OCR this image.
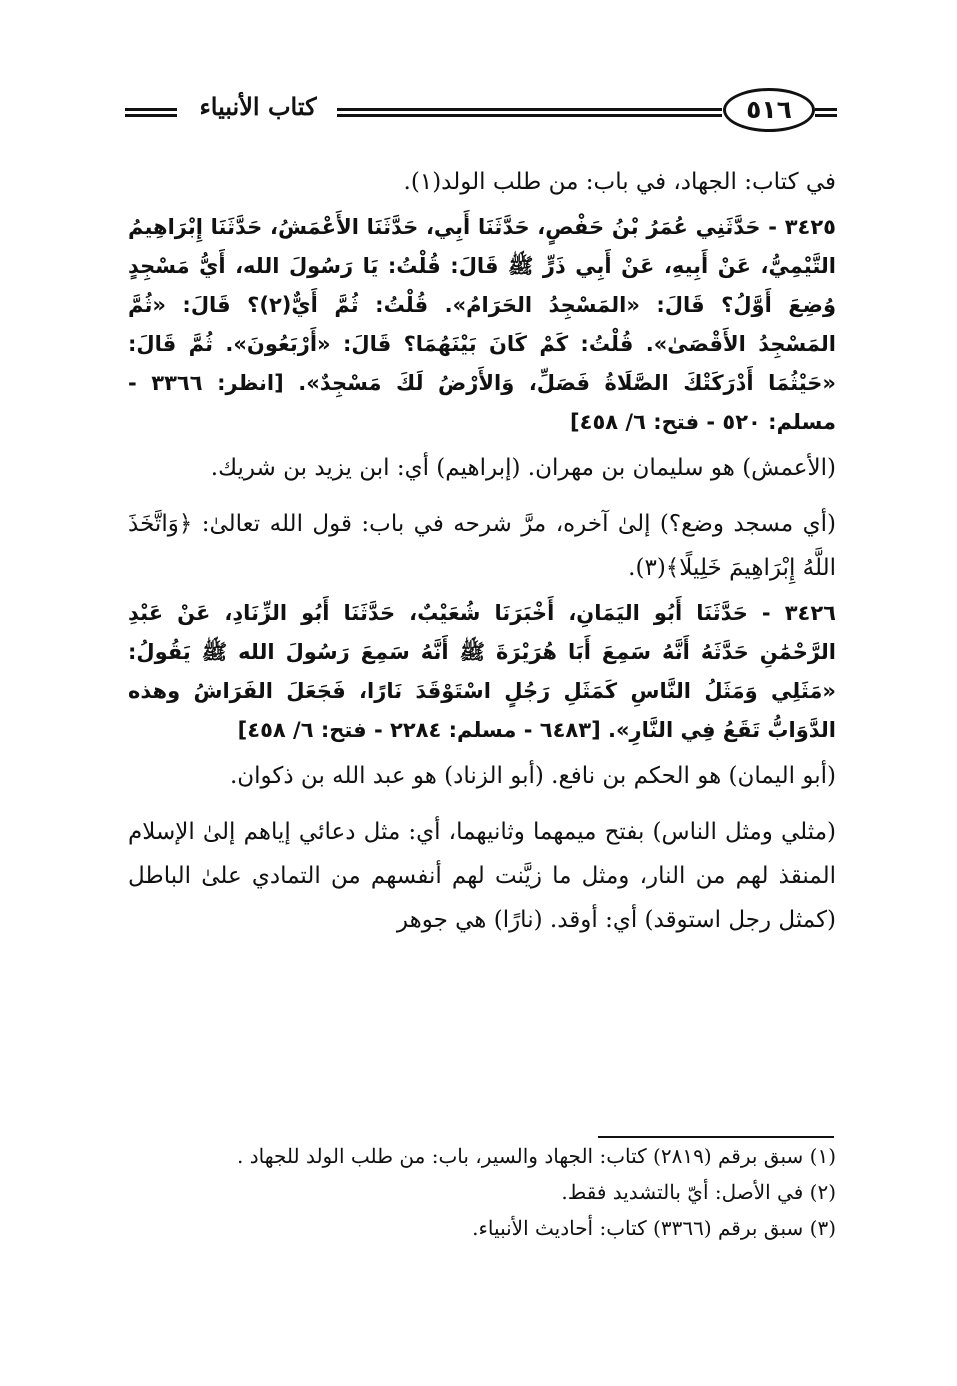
كتاب الأنبياء	٥١٦

في كتاب: الجهاد، في باب: من طلب الولد(١).

٣٤٢٥ - حَدَّثَنِي عُمَرُ بْنُ حَفْصٍ، حَدَّثَنَا أَبِي، حَدَّثَنَا الأَعْمَشُ، حَدَّثَنَا إِبْرَاهِيمُ التَّيْمِيُّ، عَنْ أَبِيهِ، عَنْ أَبِي ذَرٍّ ﷺ قَالَ: قُلْتُ: يَا رَسُولَ الله، أَيُّ مَسْجِدٍ وُضِعَ أَوَّلُ؟ قَالَ: «المَسْجِدُ الحَرَامُ». قُلْتُ: ثُمَّ أَيٌّ(٢)؟ قَالَ: «ثُمَّ المَسْجِدُ الأَقْصَىٰ». قُلْتُ: كَمْ كَانَ بَيْنَهُمَا؟ قَالَ: «أَرْبَعُونَ». ثُمَّ قَالَ: «حَيْثُمَا أَدْرَكَتْكَ الصَّلَاةُ فَصَلِّ، وَالأَرْضُ لَكَ مَسْجِدٌ». [انظر: ٣٣٦٦ - مسلم: ٥٢٠ - فتح: ٦/ ٤٥٨]

(الأعمش) هو سليمان بن مهران. (إبراهيم) أي: ابن يزيد بن شريك.

(أي مسجد وضع؟) إلىٰ آخره، مرَّ شرحه في باب: قول الله تعالىٰ: ﴿وَاتَّخَذَ اللَّهُ إِبْرَاهِيمَ خَلِيلًا﴾(٣).

٣٤٢٦ - حَدَّثَنَا أَبُو اليَمَانِ، أَخْبَرَنَا شُعَيْبٌ، حَدَّثَنَا أَبُو الزِّنَادِ، عَنْ عَبْدِ الرَّحْمَٰنِ حَدَّثَهُ أَنَّهُ سَمِعَ أَبَا هُرَيْرَةَ ﷺ أَنَّهُ سَمِعَ رَسُولَ الله ﷺ يَقُولُ: «مَثَلِي وَمَثَلُ النَّاسِ كَمَثَلِ رَجُلٍ اسْتَوْقَدَ نَارًا، فَجَعَلَ الفَرَاشُ وهذه الدَّوَابُّ تَقَعُ فِي النَّارِ». [٦٤٨٣ - مسلم: ٢٢٨٤ - فتح: ٦/ ٤٥٨]

(أبو اليمان) هو الحكم بن نافع. (أبو الزناد) هو عبد الله بن ذكوان.

(مثلي ومثل الناس) بفتح ميمهما وثانيهما، أي: مثل دعائي إياهم إلىٰ الإسلام المنقذ لهم من النار، ومثل ما زيَّنت لهم أنفسهم من التمادي علىٰ الباطل (كمثل رجل استوقد) أي: أوقد. (نارًا) هي جوهر

(١) سبق برقم (٢٨١٩) كتاب: الجهاد والسير، باب: من طلب الولد للجهاد .

(٢) في الأصل: أيّ بالتشديد فقط.

(٣) سبق برقم (٣٣٦٦) كتاب: أحاديث الأنبياء.
